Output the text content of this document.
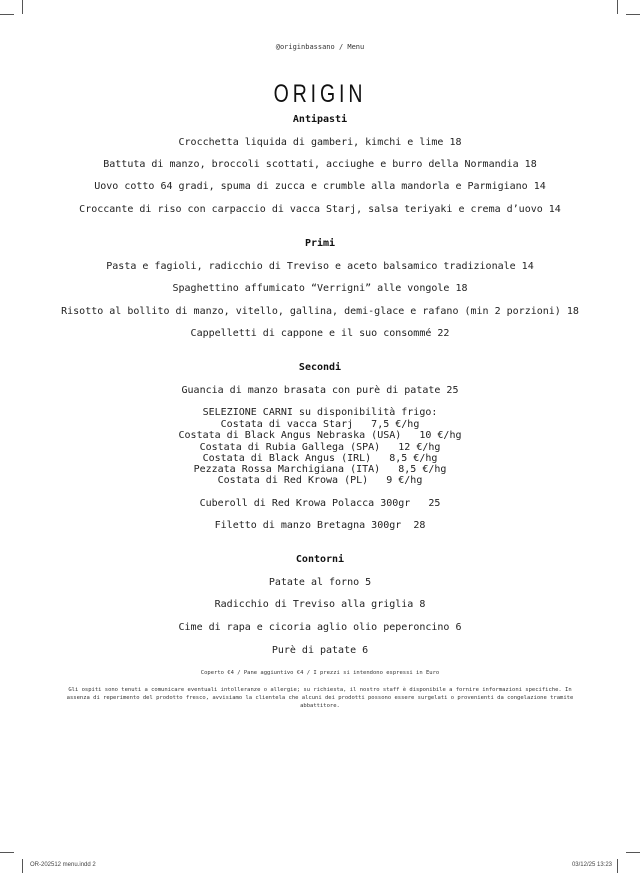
@originbassano / Menu
ORIGIN
Antipasti
Crocchetta liquida di gamberi, kimchi e lime 18
Battuta di manzo, broccoli scottati, acciughe e burro della Normandia 18
Uovo cotto 64 gradi, spuma di zucca e crumble alla mandorla e Parmigiano 14
Croccante di riso con carpaccio di vacca Starj, salsa teriyaki e crema d’uovo 14
Primi
Pasta e fagioli, radicchio di Treviso e aceto balsamico tradizionale 14
Spaghettino affumicato “Verrigni” alle vongole 18
Risotto al bollito di manzo, vitello, gallina, demi-glace e rafano (min 2 porzioni) 18
Cappelletti di cappone e il suo consommé 22
Secondi
Guancia di manzo brasata con purè di patate 25
SELEZIONE CARNI su disponibilità frigo:
Costata di vacca Starj   7,5 €/hg
Costata di Black Angus Nebraska (USA)   10 €/hg
Costata di Rubia Gallega (SPA)   12 €/hg
Costata di Black Angus (IRL)   8,5 €/hg
Pezzata Rossa Marchigiana (ITA)   8,5 €/hg
Costata di Red Krowa (PL)   9 €/hg
Cuberoll di Red Krowa Polacca 300gr   25
Filetto di manzo Bretagna 300gr  28
Contorni
Patate al forno 5
Radicchio di Treviso alla griglia 8
Cime di rapa e cicoria aglio olio peperoncino 6
Purè di patate 6
Coperto €4 / Pane aggiuntivo €4 / I prezzi si intendono espressi in Euro
Gli ospiti sono tenuti a comunicare eventuali intolleranze o allergie; su richiesta, il nostro staff è disponibile a fornire informazioni specifiche. In assenza di reperimento del prodotto fresco, avvisiamo la clientela che alcuni dei prodotti possono essere surgelati o provenienti da congelazione tramite abbattitore.
OR-202512 menu.indd 2	03/12/25 13:23
